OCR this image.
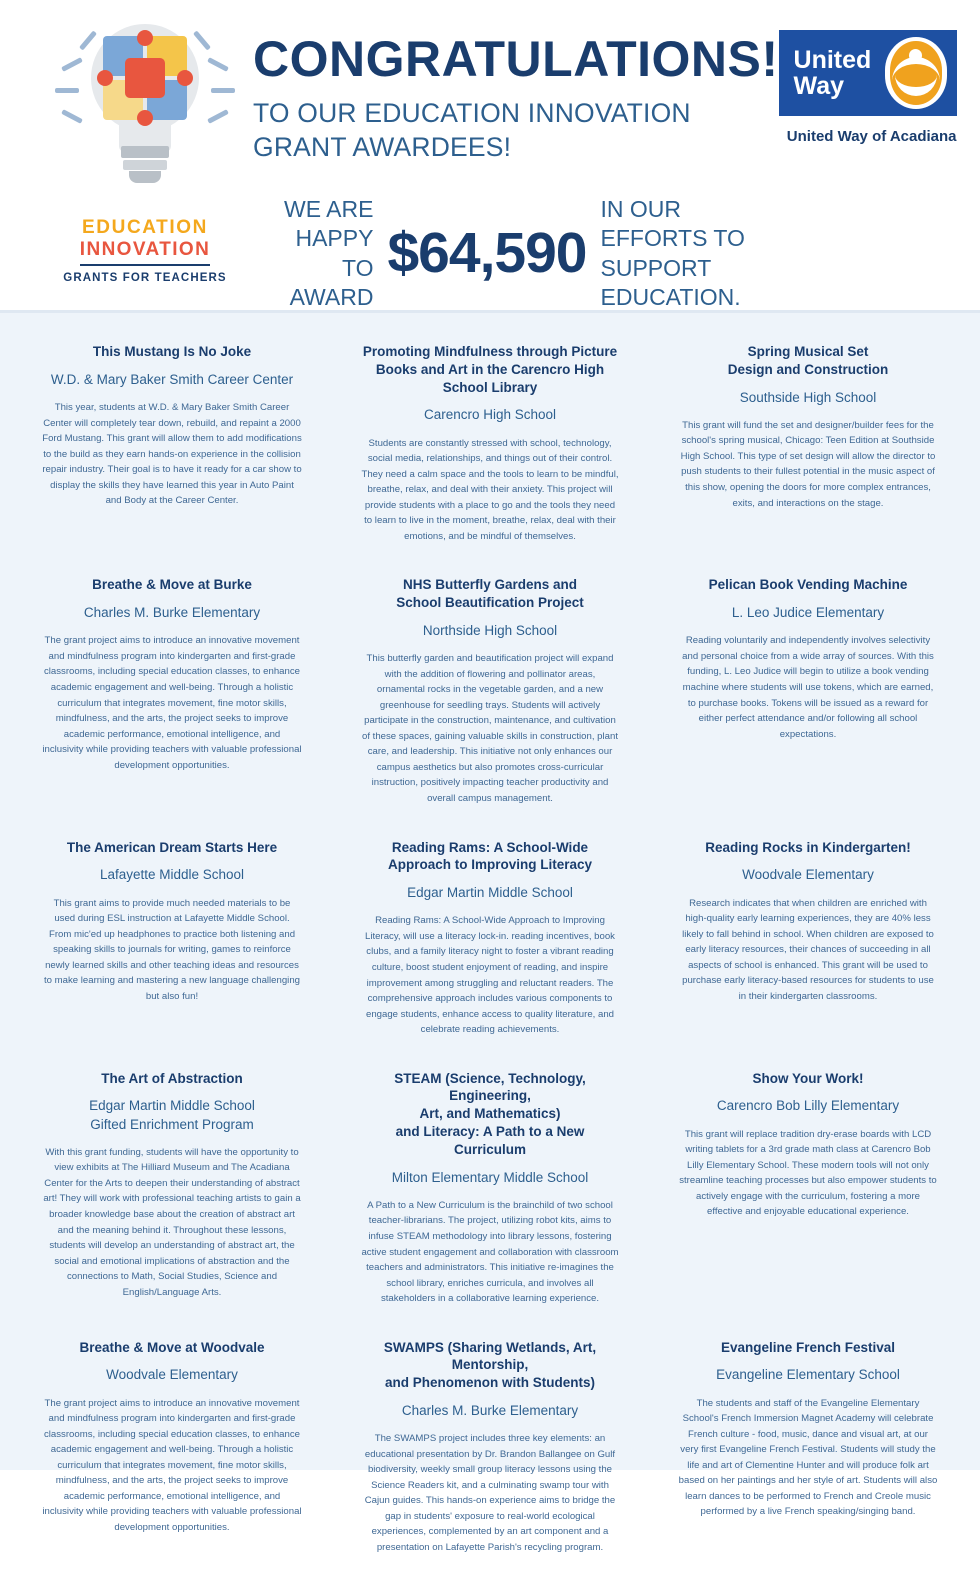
EDUCATION
INNOVATION
GRANTS FOR TEACHERS
CONGRATULATIONS!
TO OUR EDUCATION INNOVATION
GRANT AWARDEES!
WE ARE HAPPY
TO AWARD
$64,590
IN OUR EFFORTS TO
SUPPORT EDUCATION.
United
Way
United Way of Acadiana
This Mustang Is No Joke
W.D. & Mary Baker Smith Career Center
This year, students at W.D. & Mary Baker Smith Career Center will completely tear down, rebuild, and repaint a 2000 Ford Mustang. This grant will allow them to add modifications to the build as they earn hands-on experience in the collision repair industry. Their goal is to have it ready for a car show to display the skills they have learned this year in Auto Paint and Body at the Career Center.
Promoting Mindfulness through Picture Books and Art in the Carencro High School Library
Carencro High School
Students are constantly stressed with school, technology, social media, relationships, and things out of their control. They need a calm space and the tools to learn to be mindful, breathe, relax, and deal with their anxiety. This project will provide students with a place to go and the tools they need to learn to live in the moment, breathe, relax, deal with their emotions, and be mindful of themselves.
Spring Musical Set
Design and Construction
Southside High School
This grant will fund the set and designer/builder fees for the school's spring musical, Chicago: Teen Edition at Southside High School. This type of set design will allow the director to push students to their fullest potential in the music aspect of this show, opening the doors for more complex entrances, exits, and interactions on the stage.
Breathe & Move at Burke
Charles M. Burke Elementary
The grant project aims to introduce an innovative movement and mindfulness program into kindergarten and first-grade classrooms, including special education classes, to enhance academic engagement and well-being. Through a holistic curriculum that integrates movement, fine motor skills, mindfulness, and the arts, the project seeks to improve academic performance, emotional intelligence, and inclusivity while providing teachers with valuable professional development opportunities.
NHS Butterfly Gardens and
School Beautification Project
Northside High School
This butterfly garden and beautification project will expand with the addition of flowering and pollinator areas, ornamental rocks in the vegetable garden, and a new greenhouse for seedling trays. Students will actively participate in the construction, maintenance, and cultivation of these spaces, gaining valuable skills in construction, plant care, and leadership. This initiative not only enhances our campus aesthetics but also promotes cross-curricular instruction, positively impacting teacher productivity and overall campus management.
Pelican Book Vending Machine
L. Leo Judice Elementary
Reading voluntarily and independently involves selectivity and personal choice from a wide array of sources. With this funding, L. Leo Judice will begin to utilize a book vending machine where students will use tokens, which are earned, to purchase books. Tokens will be issued as a reward for either perfect attendance and/or following all school expectations.
The American Dream Starts Here
Lafayette Middle School
This grant aims to provide much needed materials to be used during ESL instruction at Lafayette Middle School. From mic'ed up headphones to practice both listening and speaking skills to journals for writing, games to reinforce newly learned skills and other teaching ideas and resources to make learning and mastering a new language challenging but also fun!
Reading Rams: A School-Wide
Approach to Improving Literacy
Edgar Martin Middle School
Reading Rams: A School-Wide Approach to Improving Literacy, will use a literacy lock-in. reading incentives, book clubs, and a family literacy night to foster a vibrant reading culture, boost student enjoyment of reading, and inspire improvement among struggling and reluctant readers. The comprehensive approach includes various components to engage students, enhance access to quality literature, and celebrate reading achievements.
Reading Rocks in Kindergarten!
Woodvale Elementary
Research indicates that when children are enriched with high-quality early learning experiences, they are 40% less likely to fall behind in school. When children are exposed to early literacy resources, their chances of succeeding in all aspects of school is enhanced. This grant will be used to purchase early literacy-based resources for students to use in their kindergarten classrooms.
The Art of Abstraction
Edgar Martin Middle School
Gifted Enrichment Program
With this grant funding, students will have the opportunity to view exhibits at The Hilliard Museum and The Acadiana Center for the Arts to deepen their understanding of abstract art! They will work with professional teaching artists to gain a broader knowledge base about the creation of abstract art and the meaning behind it. Throughout these lessons, students will develop an understanding of abstract art, the social and emotional implications of abstraction and the connections to Math, Social Studies, Science and English/Language Arts.
STEAM (Science, Technology, Engineering,
Art, and Mathematics)
and Literacy: A Path to a New Curriculum
Milton Elementary Middle School
A Path to a New Curriculum is the brainchild of two school teacher-librarians. The project, utilizing robot kits, aims to infuse STEAM methodology into library lessons, fostering active student engagement and collaboration with classroom teachers and administrators. This initiative re-imagines the school library, enriches curricula, and involves all stakeholders in a collaborative learning experience.
Show Your Work!
Carencro Bob Lilly Elementary
This grant will replace tradition dry-erase boards with LCD writing tablets for a 3rd grade math class at Carencro Bob Lilly Elementary School. These modern tools will not only streamline teaching processes but also empower students to actively engage with the curriculum, fostering a more effective and enjoyable educational experience.
Breathe & Move at Woodvale
Woodvale Elementary
The grant project aims to introduce an innovative movement and mindfulness program into kindergarten and first-grade classrooms, including special education classes, to enhance academic engagement and well-being. Through a holistic curriculum that integrates movement, fine motor skills, mindfulness, and the arts, the project seeks to improve academic performance, emotional intelligence, and inclusivity while providing teachers with valuable professional development opportunities.
SWAMPS (Sharing Wetlands, Art, Mentorship,
and Phenomenon with Students)
Charles M. Burke Elementary
The SWAMPS project includes three key elements: an educational presentation by Dr. Brandon Ballangee on Gulf biodiversity, weekly small group literacy lessons using the Science Readers kit, and a culminating swamp tour with Cajun guides. This hands-on experience aims to bridge the gap in students' exposure to real-world ecological experiences, complemented by an art component and a presentation on Lafayette Parish's recycling program.
Evangeline French Festival
Evangeline Elementary School
The students and staff of the Evangeline Elementary School's French Immersion Magnet Academy will celebrate French culture - food, music, dance and visual art, at our very first Evangeline French Festival. Students will study the life and art of Clementine Hunter and will produce folk art based on her paintings and her style of art. Students will also learn dances to be performed to French and Creole music performed by a live French speaking/singing band.
